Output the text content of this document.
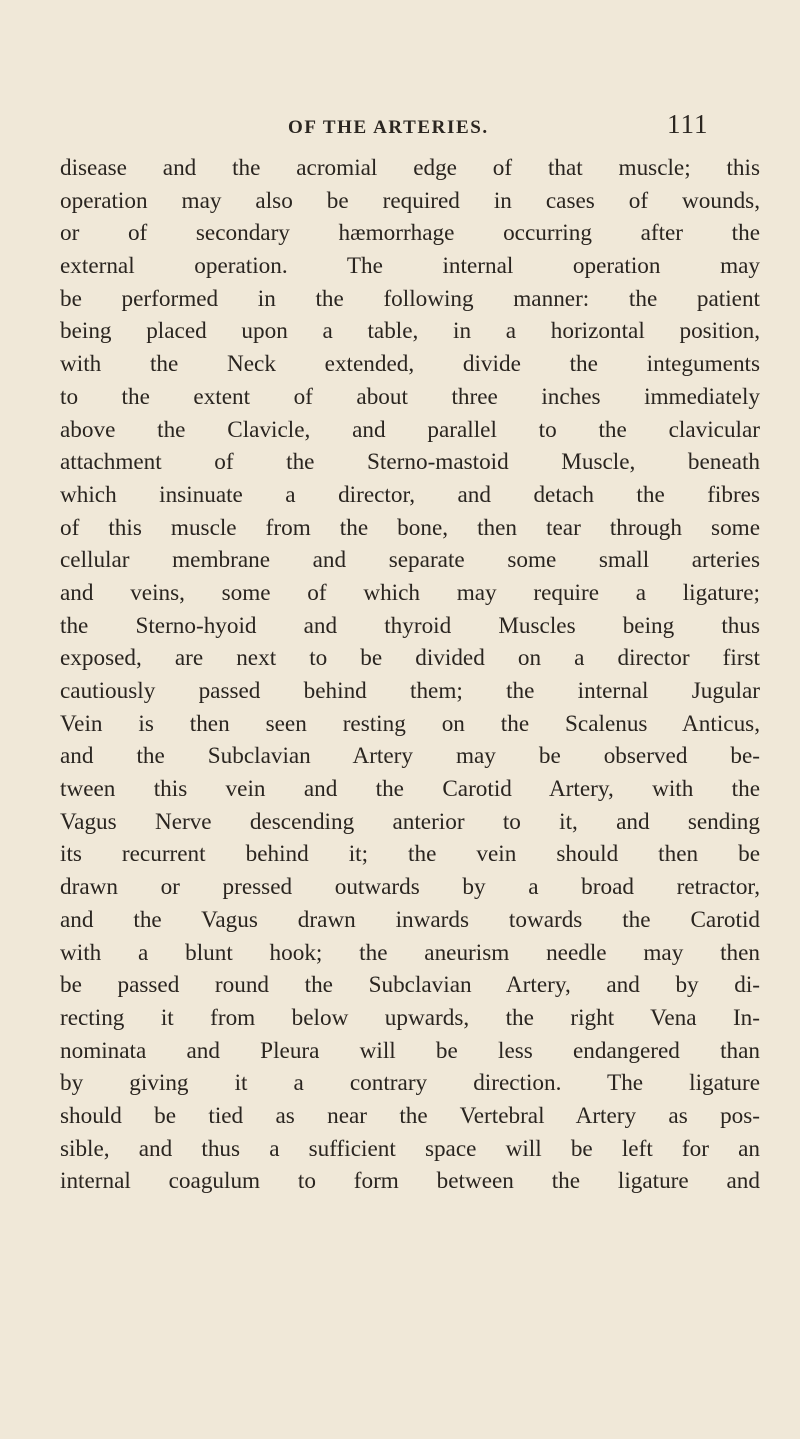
OF THE ARTERIES.	111
disease and the acromial edge of that muscle; this
operation may also be required in cases of wounds,
or of secondary hæmorrhage occurring after the
external operation. The internal operation may
be performed in the following manner: the patient
being placed upon a table, in a horizontal position,
with the Neck extended, divide the integuments
to the extent of about three inches immediately
above the Clavicle, and parallel to the clavicular
attachment of the Sterno-mastoid Muscle, beneath
which insinuate a director, and detach the fibres
of this muscle from the bone, then tear through some
cellular membrane and separate some small arteries
and veins, some of which may require a ligature;
the Sterno-hyoid and thyroid Muscles being thus
exposed, are next to be divided on a director first
cautiously passed behind them; the internal Jugular
Vein is then seen resting on the Scalenus Anticus,
and the Subclavian Artery may be observed be-
tween this vein and the Carotid Artery, with the
Vagus Nerve descending anterior to it, and sending
its recurrent behind it; the vein should then be
drawn or pressed outwards by a broad retractor,
and the Vagus drawn inwards towards the Carotid
with a blunt hook; the aneurism needle may then
be passed round the Subclavian Artery, and by di-
recting it from below upwards, the right Vena In-
nominata and Pleura will be less endangered than
by giving it a contrary direction. The ligature
should be tied as near the Vertebral Artery as pos-
sible, and thus a sufficient space will be left for an
internal coagulum to form between the ligature and
